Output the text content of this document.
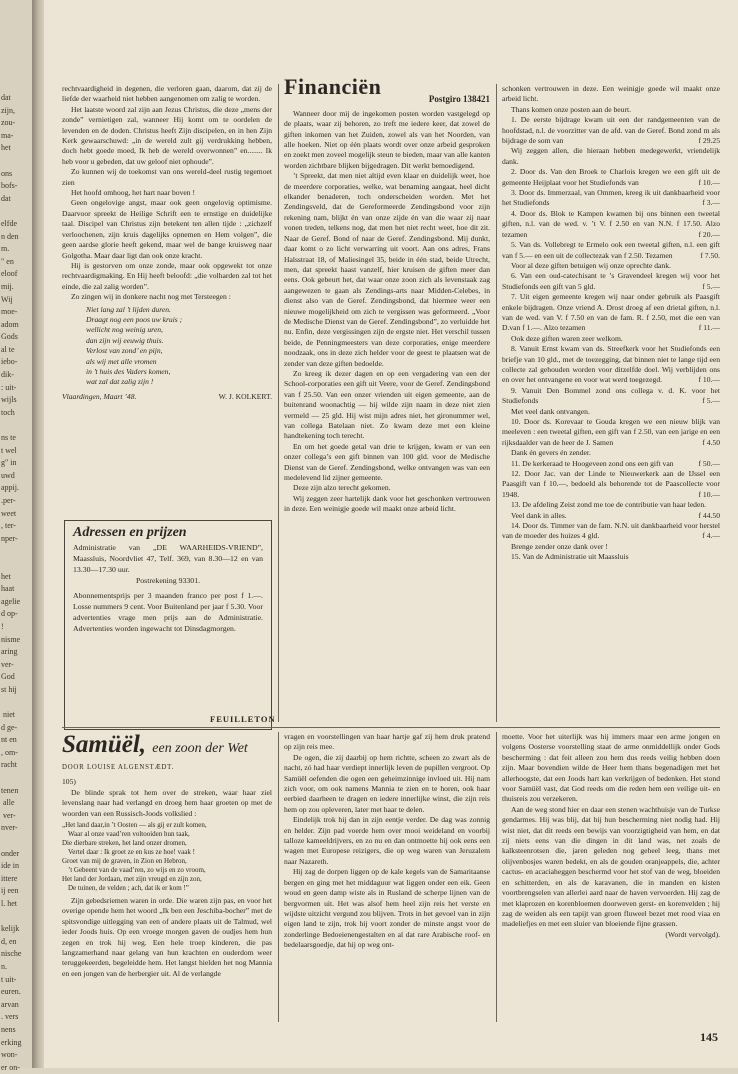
dat
zijn,
zou-
ma-
het

ons
bofs-
dat

elfde
n den
m.
" en
eloof
mij.
Wij
moe-
adom
Gods
al te
iebo-
dik-
: uit-
wijls
toch

ns te
t wel
g" in
uwd
appij.
.per-
weet
, ter-
nper-

het
haat
agelie
d op-
!
nisme
aring
ver-
God
st hij

niet
d ge-
nt en
, om-
racht

tenen
alle
ver-
nver-

onder
ide in
ittere
ij een
l. het

kelijk
d, en
nische
n.
t uit-
euren.
arvan
. vers
nens
erking
won-
er on-

rechtvaardigheid in degenen, die verloren gaan, daarom, dat zij de liefde der waarheid niet hebben aangenomen om zalig te worden.

Het laatste woord zal zijn aan Jezus Christus, die deze „mens der zonde” vernietigen zal, wanneer Hij komt om te oordelen de levenden en de doden. Christus heeft Zijn discipelen, en in hen Zijn Kerk gewaarschuwd: „in de wereld zult gij verdrukking hebben, doch hebt goede moed, Ik heb de wereld overwonnen” en........ Ik heb voor u gebeden, dat uw geloof niet ophoude”.

Zo kunnen wij de toekomst van ons wereld-deel rustig tegemoet zien

Het hoofd omhoog, het hart naar boven !

Geen ongelovige angst, maar ook geen ongelovig optimisme. Daarvoor spreekt de Heilige Schrift een te ernstige en duidelijke taal. Discipel van Christus zijn betekent ten allen tijde : „zichzelf verloochenen, zijn kruis dagelijks opnemen en Hem volgen”, die geen aardse glorie heeft gekend, maar wel de bange kruisweg naar Golgotha. Maar daar ligt dan ook onze kracht.

Hij is gestorven om onze zonde, maar ook opgewekt tot onze rechtvaardigmaking. En Hij heeft beloofd: „die volharden zal tot het einde, die zal zalig worden”.

Zo zingen wij in donkere nacht nog met Tersteegen :

Niet lang zal ’t lijden duren.
Draagt nog een poos uw kruis ;
wellicht nog weinig uren,
dan zijn wij eeuwig thuis.
Verlost van zond’ en pijn,
als wij met alle vromen
in ’t huis des Vaders komen,
wat zal dat zalig zijn !
Vlaardingen, Maart ’48.	W. J. KOLKERT.
Adressen en prijzen
Administratie van „DE WAARHEIDS-VRIEND”, Maassluis, Noordvliet 47, Telf. 369, van 8.30—12 en van 13.30—17.30 uur.
Postrekening 93301.
Abonnementsprijs per 3 maanden franco per post f 1.—. Losse nummers 9 cent. Voor Buitenland per jaar f 5.30. Voor advertenties vrage men prijs aan de Administratie. Advertenties worden ingewacht tot Dinsdagmorgen.
Financiën
Postgiro 138421

Wanneer door mij de ingekomen posten worden vastgelegd op de plaats, waar zij behoren, zo treft me iedere keer, dat zowel de giften inkomen van het Zuiden, zowel als van het Noorden, van alle hoeken. Niet op één plaats wordt over onze arbeid gesproken en zoekt men zoveel mogelijk steun te bieden, maar van alle kanten worden zichtbare blijken bijgedragen. Dit werkt bemoedigend.

’t Spreekt, dat men niet altijd even klaar en duidelijk weet, hoe de meerdere corporaties, welke, wat benaming aangaat, heel dicht elkander benaderen, toch onderscheiden worden. Met het Zendingsveld, dat de Gereformeerde Zendingsbond voor zijn rekening nam, blijkt én van onze zijde én van die waar zij naar vonen treden, telkens nog, dat men het niet recht weet, hoe dit zit. Naar de Geref. Bond of naar de Geref. Zendingsbond. Mij dunkt, daar komt o zo licht verwarring uit voort. Aan ons adres, Frans Halsstraat 18, of Maliesingel 35, beide in één stad, beide Utrecht, men, dat spreekt haast vanzelf, hier kruisen de giften meer dan eens. Ook gebeurt het, dat waar onze zoon zich als levenstaak zag aangewezen te gaan als Zendings-arts naar Midden-Celebes, in dienst also van de Geref. Zendingsbond, dat hiermee weer een nieuwe mogelijkheid om zich te vergissen was geformeerd. „Voor de Medische Dienst van de Geref. Zendingsbond”, zo verluidde het nu. Enfin, deze vergissingen zijn de ergste niet. Het verschil tussen beide, de Penningmeesters van deze corporaties, enige meerdere noodzaak, ons in deze zich helder voor de geest te plaatsen wat de zender van deze giften bedoelde.

Zo kreeg ik dezer dagen en op een vergadering van een der School-corporaties een gift uit Veere, voor de Geref. Zendingsbond van f 25.50. Van een onzer vrienden uit eigen gemeente, aan de buitenrand woonachtig — hij wilde zijn naam in deze niet zien vermeld — 25 gld. Hij wist mijn adres niet, het gironummer wel, van collega Batelaan niet. Zo kwam deze met een kleine handtekening toch terecht.

En om het goede getal van drie te krijgen, kwam er van een onzer collega’s een gift binnen van 100 gld. voor de Medische Dienst van de Geref. Zendingsbond, welke ontvangen was van een medelevend lid zijner gemeente.

Deze zijn alzo terecht gekomen.

Wij zeggen zeer hartelijk dank voor het geschonken vertrouwen in deze. Een weinigje goede wil maakt onze arbeid licht.

schonken vertrouwen in deze. Een weinigje goede wil maakt onze arbeid licht.

Thans komen onze posten aan de beurt.

1. De eerste bijdrage kwam uit een der randgemeenten van de hoofdstad, n.l. de voorzitter van de afd. van de Geref. Bond zond m als bijdrage de som van	f 29.25

Wij zeggen allen, die hieraan hebben medegewerkt, vriendelijk dank.

2. Door ds. Van den Broek te Charlois kregen we een gift uit de gemeente Heijplaat voor het Studiefonds van	f 10.—

3. Door ds. Immerzaal, van Ommen, kreeg ik uit dankbaarheid voor het Studiefonds	f 3.—

4. Door ds. Blok te Kampen kwamen bij ons binnen een tweetal giften, n.l. van de wed. v. ’t V. f 2.50 en van N.N. f 17.50. Alzo tezamen	f 20.—

5. Van ds. Vollebregt te Ermelo ook een tweetal giften, n.l. een gift van f 5.— en een uit de collectezak van f 2.50. Tezamen	f 7.50.

Voor al deze giften betuigen wij onze oprechte dank.

6. Van een oud-catechisant te ’s Gravendeel kregen wij voor het Studiefonds een gift van 5 gld.	f 5.—

7. Uit eigen gemeente kregen wij naar onder gebruik als Paasgift enkele bijdragen. Onze vriend A. Drost droeg af een drietal giften, n.l. van de wed. van V. f 7.50 en van de fam. R. f 2.50, met die een van D.van f 1.—. Alzo tezamen	f 11.—

Ook deze giften waren zeer welkom.

8. Vanuit Ernst kwam van ds. Streefkerk voor het Studiefonds een briefje van 10 gld., met de toezegging, dat binnen niet te lange tijd een collecte zal gehouden worden voor ditzelfde doel. Wij verblijden ons en over het ontvangene en voor wat werd toegezegd.	f 10.—

9. Vanuit Den Bommel zond ons collega v. d. K. voor het Studiefonds	f 5.—

Met veel dank ontvangen.

10. Door ds. Korevaar te Gouda kregen we een nieuw blijk van meeleven : een tweetal giften, een gift van f 2.50, van een jarige en een rijksdaalder van de heer de J. Samen	f 4.50

Dank én gevers én zender.

11. De kerkeraad te Hoogeveen zond ons een gift van	f 50.—

12. Door Jac. van der Linde te Nieuwerkerk aan de IJssel een Paasgift van f 10.—, bedoeld als behorende tot de Paascollecte voor 1948.	f 10.—

13. De afdeling Zeist zond me toe de contributie van haar leden.
f 44.50

Veel dank in alles.

14. Door ds. Timmer van de fam. N.N. uit dankbaarheid voor herstel van de moeder des huizes 4 gld.	f 4.—

Brenge zender onze dank over !

15. Van de Administratie uit Maassluis

FEUILLETON
Samüël, een zoon der Wet
DOOR LOUISE ALGENSTÆDT.

105)

De blinde sprak tot hem over de streken, waar haar ziel levenslang naar had verlangd en droeg hem haar groeten op met de woorden van een Russisch-Joods volkslied :

„Het land daar,in ’t Oosten — als gij er zult komen,
Waar al onze vaad’ren voltooiden hun taak,
Die dierbare streken, het land onzer dromen,
Vertel daar : Ik groet ze en kus ze hoe! vaak !
Groet van mij de graven, in Zion en Hebron,
’t Gebeent van de vaad’ren, zo wijs en zo vroom,
Het land der Jordaan, met zijn vreugd en zijn zon,
De tuinen, de velden ; ach, dat ik er kom !”

Zijn gebedsriemen waren in orde. Die waren zijn pas, en voor het overige opende hem het woord „Ik ben een Jeschiba-bocher” met de spitsvondige uitlegging van een of andere plaats uit de Talmud, wel ieder Joods huis. Op een vroege morgen gaven de oudjes hem hun zegen en trok hij weg. Een hele troep kinderen, die pas langzamerhand naar gelang van hun krachten en ouderdom weer teruggekeerden, begeleidde hem. Het langst hielden het nog Mannia en een jongen van de herbergier uit. Al de verlangde

vragen en voorstellingen van haar hartje gaf zij hem druk pratend op zijn reis mee.

De ogen, die zij daarbij op hem richtte, scheen zo zwart als de nacht, zó had haar verdiept innerlijk leven de pupillen vergroot. Op Samüël oefenden die ogen een geheimzinnige invloed uit. Hij nam zich voor, om ook namens Mannia te zien en te horen, ook haar eerbied daarheen te dragen en iedere innerlijke winst, die zijn reis hem op zou opleveren, later met haar te delen.

Eindelijk trok hij dan in zijn eentje verder. De dag was zonnig en helder. Zijn pad voerde hem over mooi weideland en voorbij talloze kameeldrijvers, en zo nu en dan ontmoette hij ook eens een wagen met Europese reizigers, die op weg waren van Jeruzalem naar Nazareth.

Hij zag de dorpen liggen op de kale kegels van de Samaritaanse bergen en ging met het middaguur wat liggen onder een eik. Geen woud en geen damp wiste als in Rusland de scherpe lijnen van de bergvormen uit. Het was alsof hem heel zijn reis het verste en wijdste uitzicht vergund zou blijven. Trots in het gevoel van in zijn eigen land te zijn, trok hij voort zonder de minste angst voor de zonderlinge Bedoeienengestalten en al dat rare Arabische roof- en bedelaarsgoedje, dat hij op weg ont-

moette. Voor het uiterlijk was hij immers maar een arme jongen en volgens Oosterse voorstelling staat de arme onmiddellijk onder Gods bescherming : dat feit alleen zou hem dus reeds veilig hebben doen zijn. Maar bovendien wilde de Heer hem thans begenadigen met het allerhoogste, dat een Joods hart kan verkrijgen of bedenken. Het stond voor Samüël vast, dat God reeds om die reden hem een veilige uit- en thuisreis zou verzekeren.

Aan de weg stond hier en daar een stenen wachthuisje van de Turkse gendarmes. Hij was blij, dat hij hun bescherming niet nodig had. Hij wist niet, dat dit reeds een bewijs van voorzigtigheid van hem, en dat zij niets eens van die dingen in dit land was, net zoals de kalksteenrotsen die, jaren geleden nog geheel leeg, thans met olijvenbosjes waren bedekt, en als de gouden oranjeappels, die, achter cactus- en acaciaheggen beschermd voor het stof van de weg, bloeiden en schitterden, en als de karavanen, die in manden en kisten voortbrengselen van allerlei aard naar de haven vervoerden. Hij zag de met klaprozen en korenbloemen doorweven gerst- en korenvelden ; hij zag de weiden als een tapijt van groen fluweel bezet met rood viaa en madeliefjes en met een sluier van bloeiende fijne grassen.

(Wordt vervolgd).
145
